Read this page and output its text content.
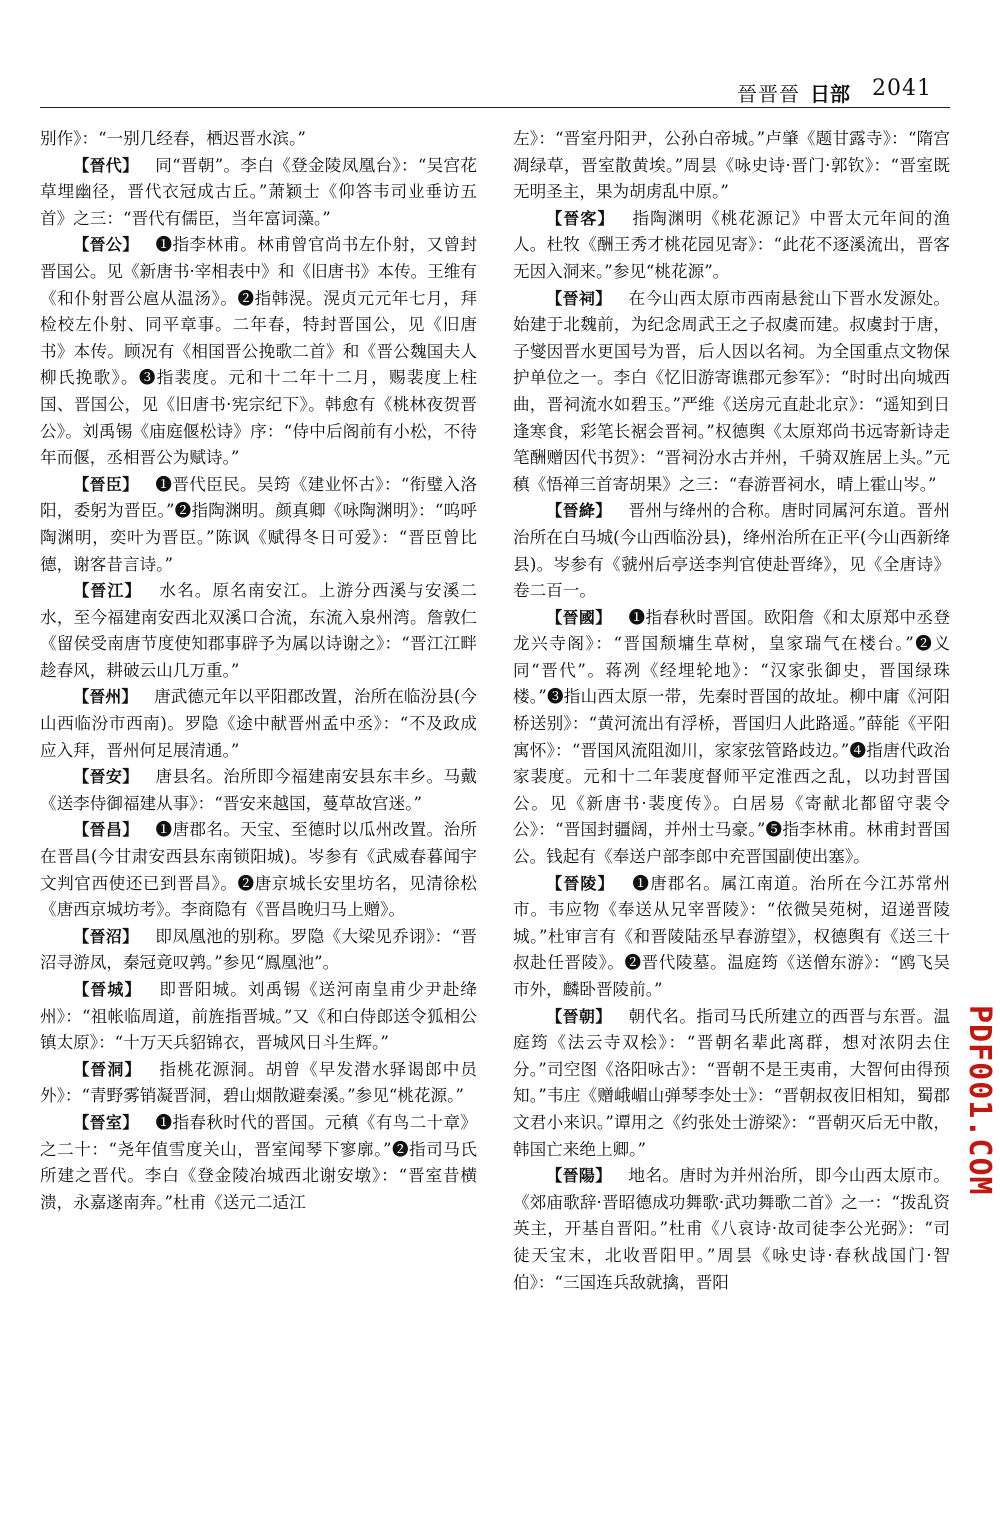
晉晋晉 日部 2041

别作》：“一别几经春，栖迟晋水滨。”

【晉代】  同“晋朝”。李白《登金陵凤凰台》：“吴宫花草埋幽径，晋代衣冠成古丘。”萧颖士《仰答韦司业垂访五首》之三：“晋代有儒臣，当年富词藻。”

【晉公】  ❶指李林甫。林甫曾官尚书左仆射，又曾封晋国公。见《新唐书·宰相表中》和《旧唐书》本传。王维有《和仆射晋公扈从温汤》。❷指韩滉。滉贞元元年七月，拜检校左仆射、同平章事。二年春，特封晋国公，见《旧唐书》本传。顾况有《相国晋公挽歌二首》和《晋公魏国夫人柳氏挽歌》。❸指裴度。元和十二年十二月，赐裴度上柱国、晋国公，见《旧唐书·宪宗纪下》。韩愈有《桃林夜贺晋公》。刘禹锡《庙庭偃松诗》序：“侍中后阁前有小松，不待年而偃，丞相晋公为赋诗。”

【晉臣】  ❶晋代臣民。吴筠《建业怀古》：“衔璧入洛阳，委躬为晋臣。”❷指陶渊明。颜真卿《咏陶渊明》：“呜呼陶渊明，奕叶为晋臣。”陈讽《赋得冬日可爱》：“晋臣曾比德，谢客昔言诗。”

【晉江】  水名。原名南安江。上游分西溪与安溪二水，至今福建南安西北双溪口合流，东流入泉州湾。詹敦仁《留侯受南唐节度使知郡事辟予为属以诗谢之》：“晋江江畔趁春风，耕破云山几万重。”

【晉州】  唐武德元年以平阳郡改置，治所在临汾县(今山西临汾市西南)。罗隐《途中献晋州孟中丞》：“不及政成应入拜，晋州何足展清通。”

【晉安】  唐县名。治所即今福建南安县东丰乡。马戴《送李侍御福建从事》：“晋安来越国，蔓草故宫迷。”

【晉昌】  ❶唐郡名。天宝、至德时以瓜州改置。治所在晋昌(今甘肃安西县东南锁阳城)。岑参有《武威春暮闻宇文判官西使还已到晋昌》。❷唐京城长安里坊名，见清徐松《唐西京城坊考》。李商隐有《晋昌晚归马上赠》。

【晉沼】  即凤凰池的别称。罗隐《大梁见乔诩》：“晋沼寻游凤，秦冠竟叹鹑。”参见“鳯凰池”。

【晉城】  即晋阳城。刘禹锡《送河南皇甫少尹赴绛州》：“祖帐临周道，前旌指晋城。”又《和白侍郎送令狐相公镇太原》：“十万天兵貂锦衣，晋城风日斗生辉。”

【晉洞】  指桃花源洞。胡曾《早发潜水驿谒郎中员外》：“青野雾销凝晋洞，碧山烟散避秦溪。”参见“桃花源。”

【晉室】  ❶指春秋时代的晋国。元稹《有鸟二十章》之二十：“尧年值雪度关山，晋室闻琴下寥廓。”❷指司马氏所建之晋代。李白《登金陵冶城西北谢安墩》：“晋室昔横溃，永嘉遂南奔。”杜甫《送元二适江

左》：“晋室丹阳尹，公孙白帝城。”卢肇《题甘露寺》：“隋宫凋绿草，晋室散黄埃。”周昙《咏史诗·晋门·郭钦》：“晋室既无明圣主，果为胡虏乱中原。”

【晉客】  指陶渊明《桃花源记》中晋太元年间的渔人。杜牧《酬王秀才桃花园见寄》：“此花不逐溪流出，晋客无因入洞来。”参见“桃花源”。

【晉祠】  在今山西太原市西南悬瓮山下晋水发源处。始建于北魏前，为纪念周武王之子叔虞而建。叔虞封于唐，子燮因晋水更国号为晋，后人因以名祠。为全国重点文物保护单位之一。李白《忆旧游寄谯郡元参军》：“时时出向城西曲，晋祠流水如碧玉。”严维《送房元直赴北京》：“遥知到日逢寒食，彩笔长裾会晋祠。”权德舆《太原郑尚书远寄新诗走笔酬赠因代书贺》：“晋祠汾水古并州，千骑双旌居上头。”元稹《悟禅三首寄胡果》之三：“春游晋祠水，晴上霍山岑。”

【晉絳】  晋州与绛州的合称。唐时同属河东道。晋州治所在白马城(今山西临汾县)，绛州治所在正平(今山西新绛县)。岑参有《虢州后亭送李判官使赴晋绛》，见《全唐诗》卷二百一。

【晉國】  ❶指春秋时晋国。欧阳詹《和太原郑中丞登龙兴寺阁》：“晋国颓墉生草树，皇家瑞气在楼台。”❷义同“晋代”。蒋冽《经埋轮地》：“汉家张御史，晋国绿珠楼。”❸指山西太原一带，先秦时晋国的故址。柳中庸《河阳桥送别》：“黄河流出有浮桥，晋国归人此路遥。”薛能《平阳寓怀》：“晋国风流阻洳川，家家弦管路歧边。”❹指唐代政治家裴度。元和十二年裴度督师平定淮西之乱，以功封晋国公。见《新唐书·裴度传》。白居易《寄献北都留守裴令公》：“晋国封疆阔，并州士马豪。”❺指李林甫。林甫封晋国公。钱起有《奉送户部李郎中充晋国副使出塞》。

【晉陵】  ❶唐郡名。属江南道。治所在今江苏常州市。韦应物《奉送从兄宰晋陵》：“依微吴苑树，迢递晋陵城。”杜审言有《和晋陵陆丞早春游望》，权德舆有《送三十叔赴任晋陵》。❷晋代陵墓。温庭筠《送僧东游》：“鸥飞吴市外，麟卧晋陵前。”

【晉朝】  朝代名。指司马氏所建立的西晋与东晋。温庭筠《法云寺双桧》：“晋朝名辈此离群，想对浓阴去住分。”司空图《洛阳咏古》：“晋朝不是王夷甫，大智何由得预知。”韦庄《赠峨嵋山弹琴李处士》：“晋朝叔夜旧相知，蜀郡文君小来识。”谭用之《约张处士游梁》：“晋朝灭后无中散，韩国亡来绝上卿。”

【晉陽】  地名。唐时为并州治所，即今山西太原市。《郊庙歌辞·晋昭德成功舞歌·武功舞歌二首》之一：“拨乱资英主，开基自晋阳。”杜甫《八哀诗·故司徒李公光弼》：“司徒天宝末，北收晋阳甲。”周昙《咏史诗·春秋战国门·智伯》：“三国连兵敌就擒，晋阳

PDF001.COM
